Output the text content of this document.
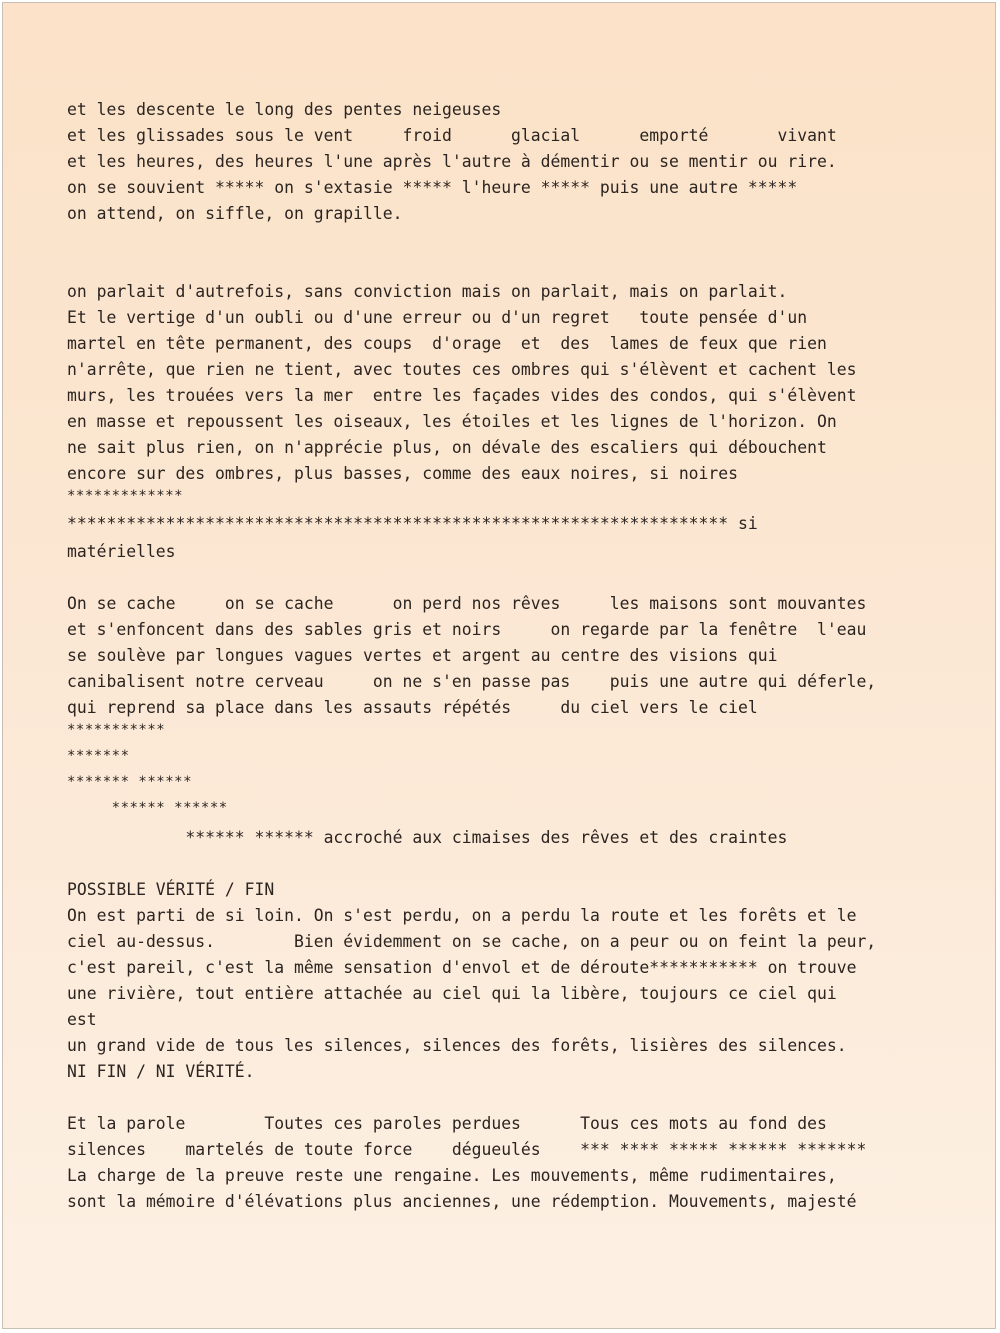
et les descente le long des pentes neigeuses
et les glissades sous le vent     froid      glacial      emporté       vivant
et les heures, des heures l'une après l'autre à démentir ou se mentir ou rire.
on se souvient ***** on s'extasie ***** l'heure ***** puis une autre *****
on attend, on siffle, on grapille.
on parlait d'autrefois, sans conviction mais on parlait, mais on parlait.
Et le vertige d'un oubli ou d'une erreur ou d'un regret   toute pensée d'un
martel en tête permanent, des coups  d'orage  et  des  lames de feux que rien
n'arrête, que rien ne tient, avec toutes ces ombres qui s'élèvent et cachent les
murs, les trouées vers la mer  entre les façades vides des condos, qui s'élèvent
en masse et repoussent les oiseaux, les étoiles et les lignes de l'horizon. On
ne sait plus rien, on n'apprécie plus, on dévale des escaliers qui débouchent
encore sur des ombres, plus basses, comme des eaux noires, si noires
*************
******************************************************************* si
matérielles
On se cache     on se cache      on perd nos rêves     les maisons sont mouvantes
et s'enfoncent dans des sables gris et noirs     on regarde par la fenêtre  l'eau
se soulève par longues vagues vertes et argent au centre des visions qui
canibalisent notre cerveau     on ne s'en passe pas    puis une autre qui déferle,
qui reprend sa place dans les assauts répétés     du ciel vers le ciel
***********
*******
******* ******
****** ******
****** ****** accroché aux cimaises des rêves et des craintes
POSSIBLE VÉRITÉ / FIN
On est parti de si loin. On s'est perdu, on a perdu la route et les forêts et le
ciel au-dessus.        Bien évidemment on se cache, on a peur ou on feint la peur,
c'est pareil, c'est la même sensation d'envol et de déroute*********** on trouve
une rivière, tout entière attachée au ciel qui la libère, toujours ce ciel qui
est
un grand vide de tous les silences, silences des forêts, lisières des silences.
NI FIN / NI VÉRITÉ.
Et la parole        Toutes ces paroles perdues      Tous ces mots au fond des
silences    martelés de toute force    dégueulés    *** **** ***** ****** *******
La charge de la preuve reste une rengaine. Les mouvements, même rudimentaires,
sont la mémoire d'élévations plus anciennes, une rédemption. Mouvements, majesté
